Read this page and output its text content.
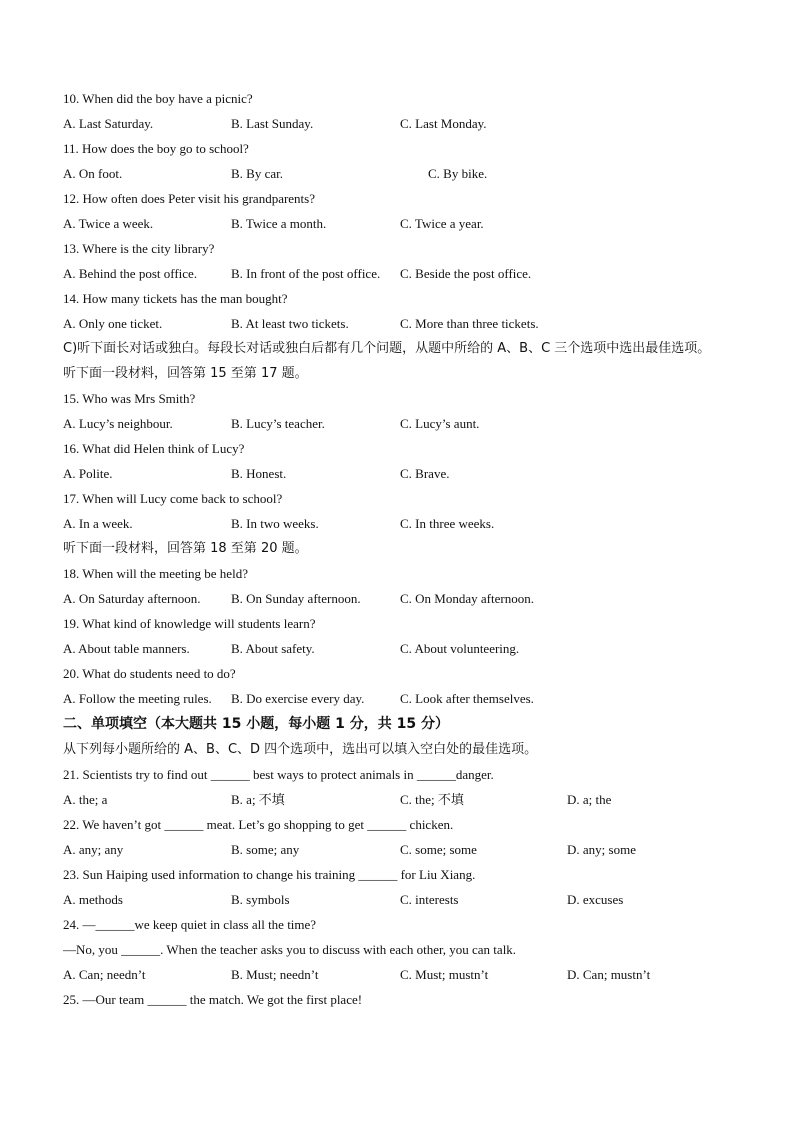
10. When did the boy have a picnic?
A. Last Saturday.	B. Last Sunday.	C. Last Monday.
11. How does the boy go to school?
A. On foot.	B. By car.	C. By bike.
12. How often does Peter visit his grandparents?
A. Twice a week.	B. Twice a month.	C. Twice a year.
13. Where is the city library?
A. Behind the post office.	B. In front of the post office. C. Beside the post office.
14. How many tickets has the man bought?
A. Only one ticket.	B. At least two tickets.	C. More than three tickets.
C)听下面长对话或独白。每段长对话或独白后都有几个问题，从题中所给的 A、B、C 三个选项中选出最佳选项。
听下面一段材料，回答第 15 至第 17 题。
15. Who was Mrs Smith?
A. Lucy’s neighbour.	B. Lucy’s teacher.	C. Lucy’s aunt.
16. What did Helen think of Lucy?
A. Polite.	B. Honest.	C. Brave.
17. When will Lucy come back to school?
A. In a week.	B. In two weeks.	C. In three weeks.
听下面一段材料，回答第 18 至第 20 题。
18. When will the meeting be held?
A. On Saturday afternoon. B. On Sunday afternoon.	C. On Monday afternoon.
19. What kind of knowledge will students learn?
A. About table manners.	B. About safety.	C. About volunteering.
20. What do students need to do?
A. Follow the meeting rules. B. Do exercise every day.	C. Look after themselves.
二、单项填空（本大题共 15 小题，每小题 1 分，共 15 分）
从下列每小题所给的 A、B、C、D 四个选项中，选出可以填入空白处的最佳选项。
21. Scientists try to find out ______ best ways to protect animals in ______danger.
A. the; a	B. a; 不填	C. the; 不填	D. a; the
22. We haven’t got ______ meat. Let’s go shopping to get ______ chicken.
A. any; any	B. some; any	C. some; some	D. any; some
23. Sun Haiping used information to change his training ______ for Liu Xiang.
A. methods	B. symbols	C. interests	D. excuses
24. —______we keep quiet in class all the time?
—No, you ______. When the teacher asks you to discuss with each other, you can talk.
A. Can; needn’t	B. Must; needn’t	C. Must; mustn’t	D. Can; mustn’t
25. —Our team ______ the match. We got the first place!
